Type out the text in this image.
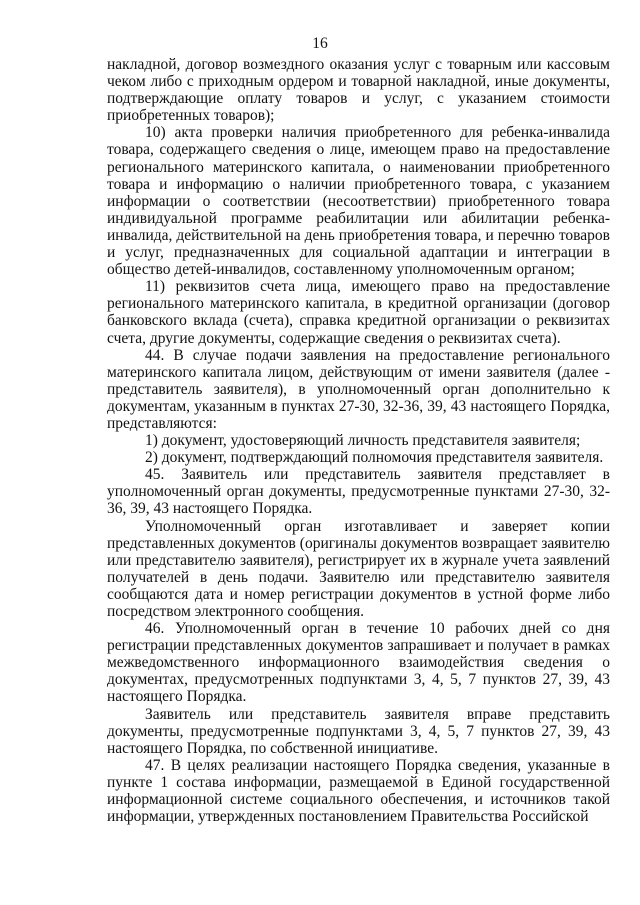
16

накладной, договор возмездного оказания услуг с товарным или кассовым чеком либо с приходным ордером и товарной накладной, иные документы, подтверждающие оплату товаров и услуг, с указанием стоимости приобретенных товаров);

10) акта проверки наличия приобретенного для ребенка-инвалида товара, содержащего сведения о лице, имеющем право на предоставление регионального материнского капитала, о наименовании приобретенного товара и информацию о наличии приобретенного товара, с указанием информации о соответствии (несоответствии) приобретенного товара индивидуальной программе реабилитации или абилитации ребенка-инвалида, действительной на день приобретения товара, и перечню товаров и услуг, предназначенных для социальной адаптации и интеграции в общество детей-инвалидов, составленному уполномоченным органом;

11) реквизитов счета лица, имеющего право на предоставление регионального материнского капитала, в кредитной организации (договор банковского вклада (счета), справка кредитной организации о реквизитах счета, другие документы, содержащие сведения о реквизитах счета).

44. В случае подачи заявления на предоставление регионального материнского капитала лицом, действующим от имени заявителя (далее - представитель заявителя), в уполномоченный орган дополнительно к документам, указанным в пунктах 27-30, 32-36, 39, 43 настоящего Порядка, представляются:

1) документ, удостоверяющий личность представителя заявителя;

2) документ, подтверждающий полномочия представителя заявителя.

45. Заявитель или представитель заявителя представляет в уполномоченный орган документы, предусмотренные пунктами 27-30, 32-36, 39, 43 настоящего Порядка.

Уполномоченный орган изготавливает и заверяет копии представленных документов (оригиналы документов возвращает заявителю или представителю заявителя), регистрирует их в журнале учета заявлений получателей в день подачи. Заявителю или представителю заявителя сообщаются дата и номер регистрации документов в устной форме либо посредством электронного сообщения.

46. Уполномоченный орган в течение 10 рабочих дней со дня регистрации представленных документов запрашивает и получает в рамках межведомственного информационного взаимодействия сведения о документах, предусмотренных подпунктами 3, 4, 5, 7 пунктов 27, 39, 43 настоящего Порядка.

Заявитель или представитель заявителя вправе представить документы, предусмотренные подпунктами 3, 4, 5, 7 пунктов 27, 39, 43 настоящего Порядка, по собственной инициативе.

47. В целях реализации настоящего Порядка сведения, указанные в пункте 1 состава информации, размещаемой в Единой государственной информационной системе социального обеспечения, и источников такой информации, утвержденных постановлением Правительства Российской
